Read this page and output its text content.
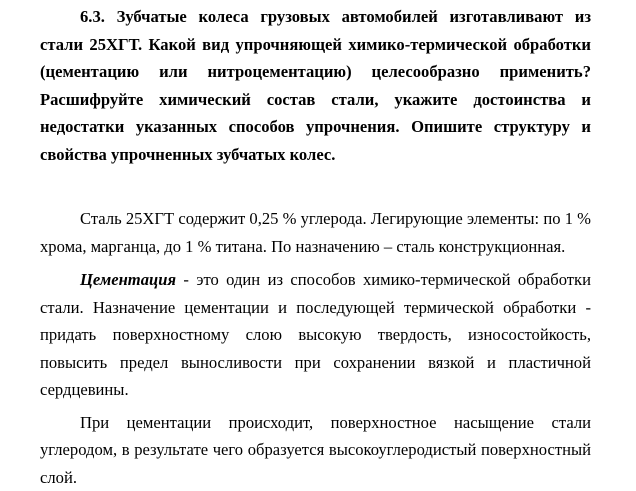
6.3. Зубчатые колеса грузовых автомобилей изготавливают из стали 25ХГТ. Какой вид упрочняющей химико-термической обработки (цементацию или нитроцементацию) целесообразно применить? Расшифруйте химический состав стали, укажите достоинства и недостатки указанных способов упрочнения. Опишите структуру и свойства упрочненных зубчатых колес.

Сталь 25ХГТ содержит 0,25 % углерода. Легирующие элементы: по 1 % хрома, марганца, до 1 % титана. По назначению – сталь конструкционная.

Цементация - это один из способов химико-термической обработки стали. Назначение цементации и последующей термической обработки - придать поверхностному слою высокую твердость, износостойкость, повысить предел выносливости при сохранении вязкой и пластичной сердцевины.

При цементации происходит, поверхностное насыщение стали углеродом, в результате чего образуется высокоуглеродистый поверхностный слой.
